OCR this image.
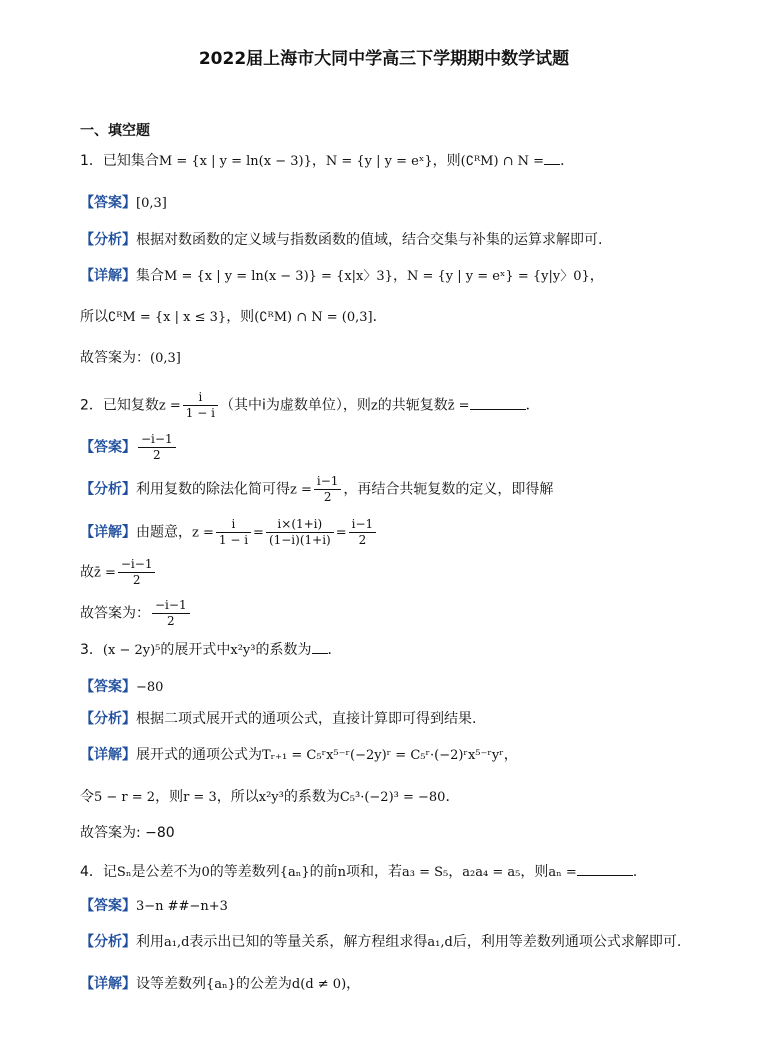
2022届上海市大同中学高三下学期期中数学试题
一、填空题
1．已知集合M = {x | y = ln(x − 3)}，N = {y | y = eˣ}，则(∁ᴿM) ∩ N = ．
【答案】[0,3]
【分析】根据对数函数的定义域与指数函数的值域，结合交集与补集的运算求解即可.
【详解】集合M = {x | y = ln(x − 3)} = {x|x〉3}，N = {y | y = eˣ} = {y|y〉0}，
所以∁ᴿM = {x | x ≤ 3}，则(∁ᴿM) ∩ N = (0,3]．
故答案为：(0,3]
2．已知复数$z = \frac{i}{1 - i}$ （其中i为虚数单位），则z的共轭复数z̄ =	．
【答案】 $\frac{-i-1}{2}$
【分析】利用复数的除法化简可得$z = \frac{i-1}{2}$ ，再结合共轭复数的定义，即得解
【详解】由题意，$z = \frac{i}{1 - i} = \frac{i\times(1+i)}{(1-i)(1+i)} = \frac{i-1}{2}$
故z̄ = $\frac{-i-1}{2}$
故答案为： $\frac{-i-1}{2}$
3．(x − 2y)⁵的展开式中x²y³的系数为 ．
【答案】−80
【分析】根据二项式展开式的通项公式，直接计算即可得到结果.
【详解】展开式的通项公式为Tᵣ₊₁ = C₅ʳx⁵⁻ʳ(−2y)ʳ = C₅ʳ·(−2)ʳx⁵⁻ʳyʳ，
令5 − r = 2，则r = 3，所以x²y³的系数为C₅³·(−2)³ = −80．
故答案为: −80
4．记Sₙ是公差不为0的等差数列{aₙ}的前n项和，若a₃ = S₅，a₂a₄ = a₅，则aₙ =	.
【答案】3−n ##−n+3
【分析】利用a₁,d表示出已知的等量关系，解方程组求得a₁,d后，利用等差数列通项公式求解即可.
【详解】设等差数列{aₙ}的公差为d(d ≠ 0)，
